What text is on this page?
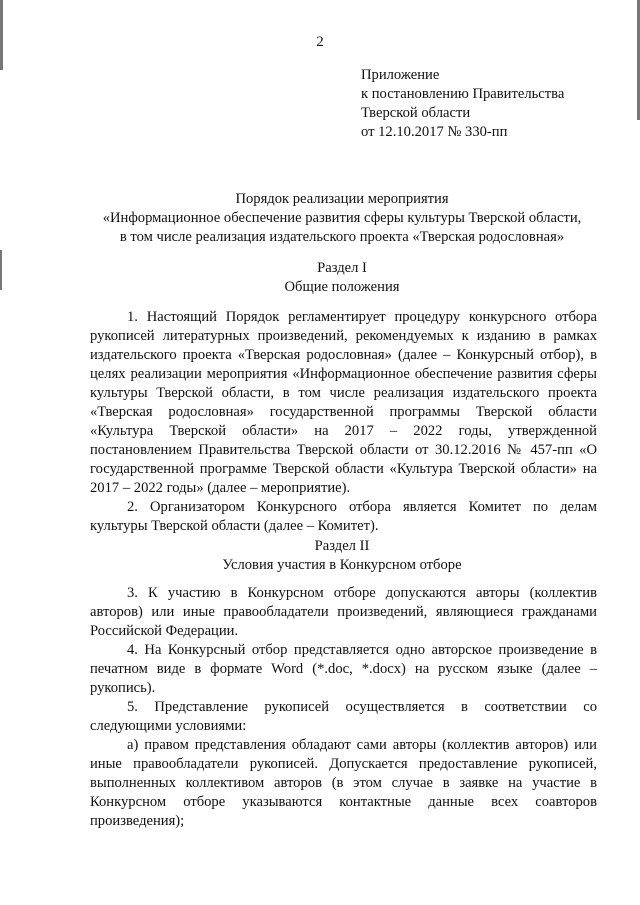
2
Приложение
к постановлению Правительства
Тверской области
от 12.10.2017 № 330-пп
Порядок реализации мероприятия
«Информационное обеспечение развития сферы культуры Тверской области,
в том числе реализация издательского проекта «Тверская родословная»
Раздел I
Общие положения

1. Настоящий Порядок регламентирует процедуру конкурсного отбора рукописей литературных произведений, рекомендуемых к изданию в рамках издательского проекта «Тверская родословная» (далее – Конкурсный отбор), в целях реализации мероприятия «Информационное обеспечение развития сферы культуры Тверской области, в том числе реализация издательского проекта «Тверская родословная» государственной программы Тверской области «Культура Тверской области» на 2017 – 2022 годы, утвержденной постановлением Правительства Тверской области от 30.12.2016 № 457-пп «О государственной программе Тверской области «Культура Тверской области» на 2017 – 2022 годы» (далее – мероприятие).

2. Организатором Конкурсного отбора является Комитет по делам культуры Тверской области (далее – Комитет).

Раздел II
Условия участия в Конкурсном отборе

3. К участию в Конкурсном отборе допускаются авторы (коллектив авторов) или иные правообладатели произведений, являющиеся гражданами Российской Федерации.

4. На Конкурсный отбор представляется одно авторское произведение в печатном виде в формате Word (*.doc, *.docx) на русском языке (далее – рукопись).

5. Представление рукописей осуществляется в соответствии со следующими условиями:

а) правом представления обладают сами авторы (коллектив авторов) или иные правообладатели рукописей. Допускается предоставление рукописей, выполненных коллективом авторов (в этом случае в заявке на участие в Конкурсном отборе указываются контактные данные всех соавторов произведения);
